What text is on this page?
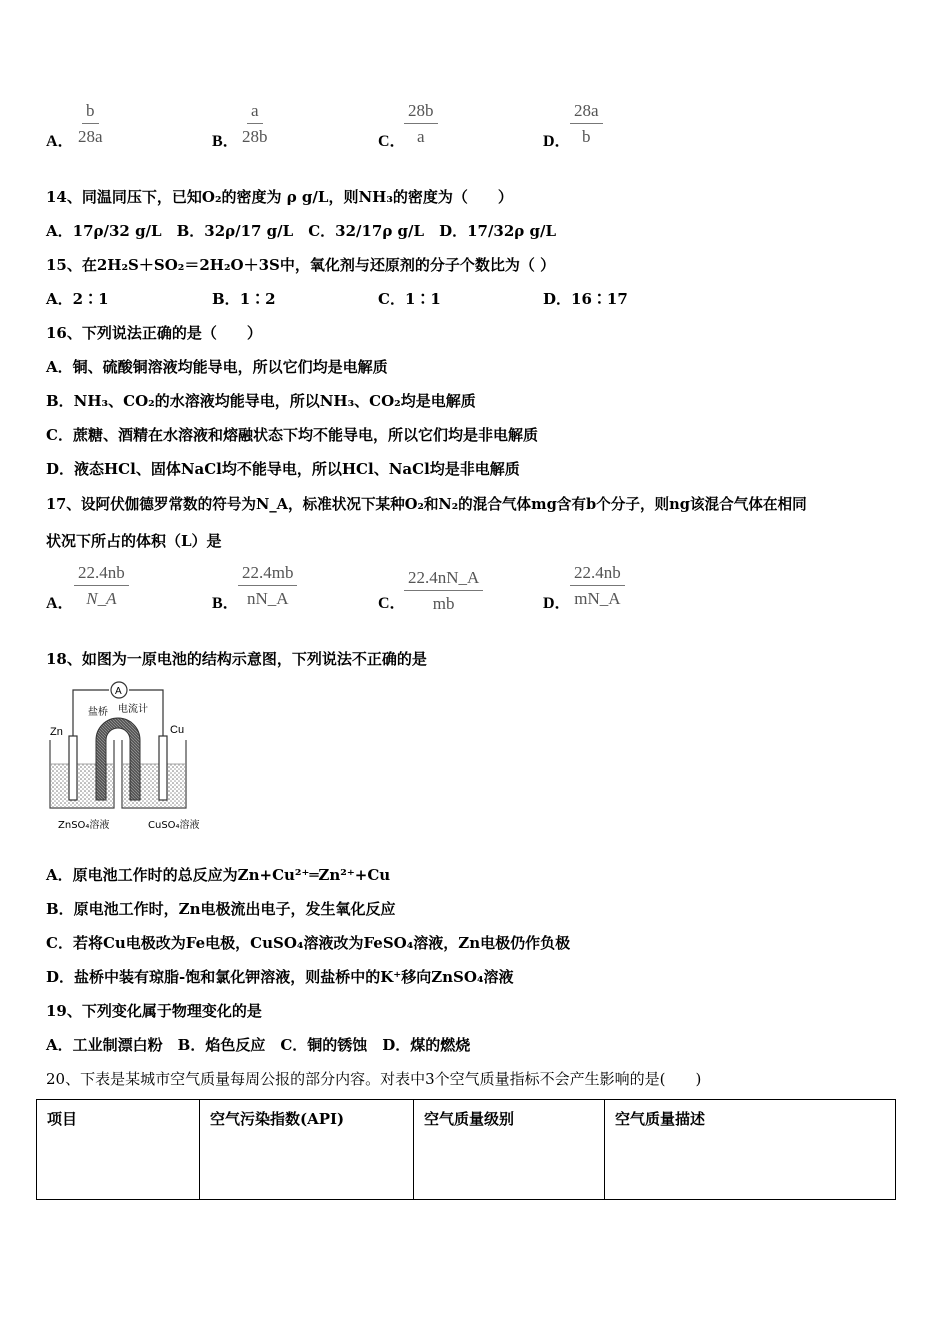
A． $\frac{b}{28a}$	B． $\frac{a}{28b}$	C．
$\frac{28b}{a}$	D． $\frac{28a}{b}$
14、同温同压下，已知O₂的密度为 ρ g/L，则NH₃的密度为（　　）
A．17ρ/32 g/L　B．32ρ/17 g/L　C．32/17ρ g/L　D．17/32ρ g/L
15、在2H₂S＋SO₂＝2H₂O＋3S中，氧化剂与还原剂的分子个数比为（ ）
A．2∶1	B．1∶2	C．1∶1	D．16∶17
16、下列说法正确的是（　　）
A．铜、硫酸铜溶液均能导电，所以它们均是电解质
B．NH₃、CO₂的水溶液均能导电，所以NH₃、CO₂均是电解质
C．蔗糖、酒精在水溶液和熔融状态下均不能导电，所以它们均是非电解质
D．液态HCl、固体NaCl均不能导电，所以HCl、NaCl均是非电解质
17、设阿伏伽德罗常数的符号为N_A，标准状况下某种O₂和N₂的混合气体mg含有b个分子，则ng该混合气体在相同
状况下所占的体积（L）是
A． $\frac{22.4nb}{N\_A}$	B． $\frac{22.4mb}{nN\_A}$	C．
$\frac{22.4nN\_A}{mb}$	D． $\frac{22.4nb}{mN\_A}$
18、如图为一原电池的结构示意图，下列说法不正确的是
A
盐桥 电流计
Zn	Cu
ZnSO₄溶液	CuSO₄溶液
A．原电池工作时的总反应为Zn+Cu²⁺═Zn²⁺+Cu
B．原电池工作时，Zn电极流出电子，发生氧化反应
C．若将Cu电极改为Fe电极，CuSO₄溶液改为FeSO₄溶液，Zn电极仍作负极
D．盐桥中装有琼脂-饱和氯化钾溶液，则盐桥中的K⁺移向ZnSO₄溶液
19、下列变化属于物理变化的是
A．工业制漂白粉　B．焰色反应　C．铜的锈蚀　D．煤的燃烧
20、下表是某城市空气质量每周公报的部分内容。对表中3个空气质量指标不会产生影响的是(　　)
项目	空气污染指数(API)	空气质量级别	空气质量描述
